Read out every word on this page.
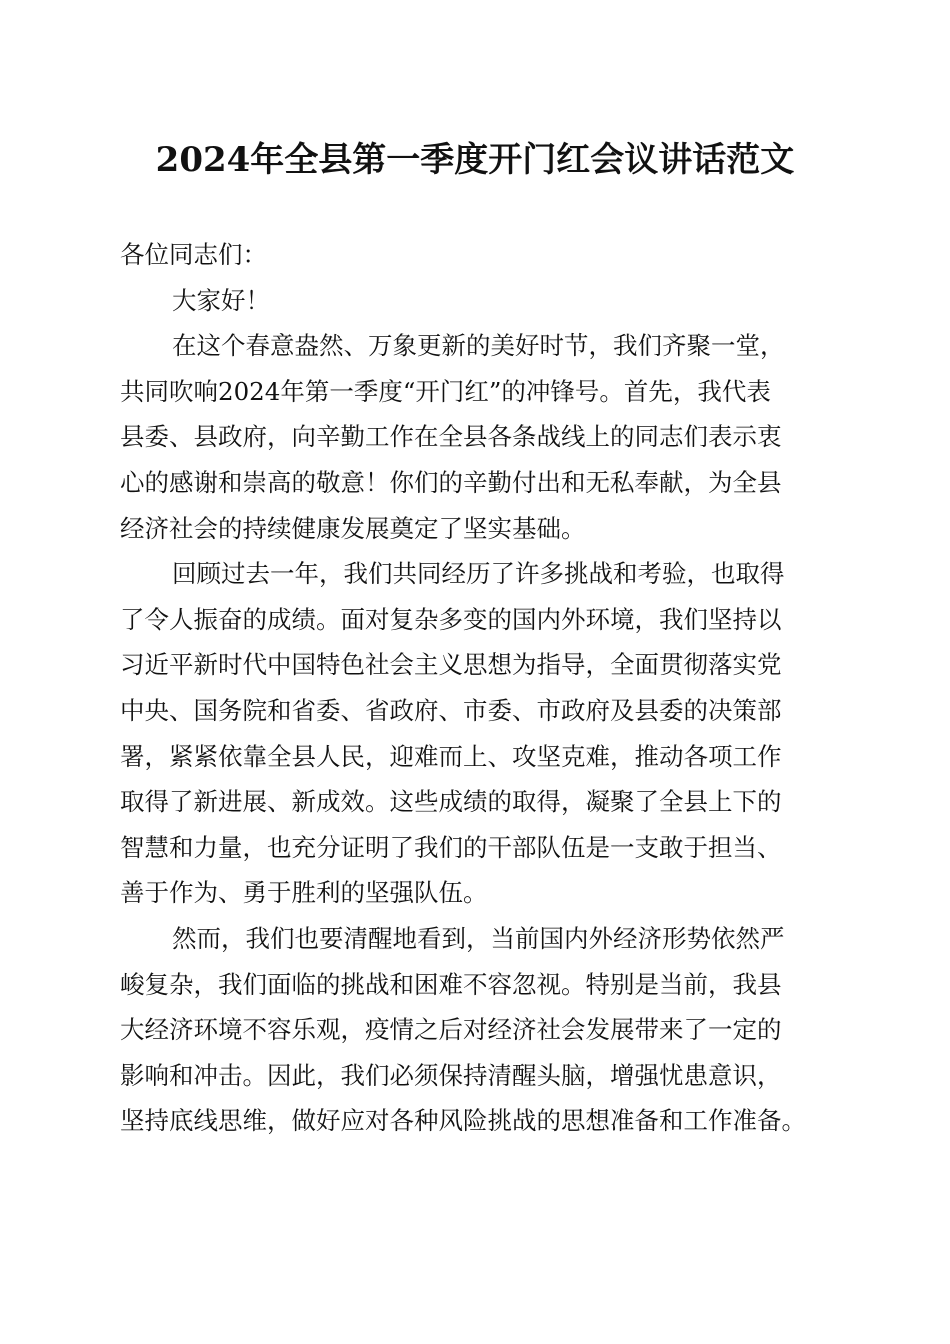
2024年全县第一季度开门红会议讲话范文
各位同志们：
大家好！
在这个春意盎然、万象更新的美好时节，我们齐聚一堂，
共同吹响2024年第一季度“开门红”的冲锋号。首先，我代表
县委、县政府，向辛勤工作在全县各条战线上的同志们表示衷
心的感谢和崇高的敬意！你们的辛勤付出和无私奉献，为全县
经济社会的持续健康发展奠定了坚实基础。
回顾过去一年，我们共同经历了许多挑战和考验，也取得
了令人振奋的成绩。面对复杂多变的国内外环境，我们坚持以
习近平新时代中国特色社会主义思想为指导，全面贯彻落实党
中央、国务院和省委、省政府、市委、市政府及县委的决策部
署，紧紧依靠全县人民，迎难而上、攻坚克难，推动各项工作
取得了新进展、新成效。这些成绩的取得，凝聚了全县上下的
智慧和力量，也充分证明了我们的干部队伍是一支敢于担当、
善于作为、勇于胜利的坚强队伍。
然而，我们也要清醒地看到，当前国内外经济形势依然严
峻复杂，我们面临的挑战和困难不容忽视。特别是当前，我县
大经济环境不容乐观，疫情之后对经济社会发展带来了一定的
影响和冲击。因此，我们必须保持清醒头脑，增强忧患意识，
坚持底线思维，做好应对各种风险挑战的思想准备和工作准备。
